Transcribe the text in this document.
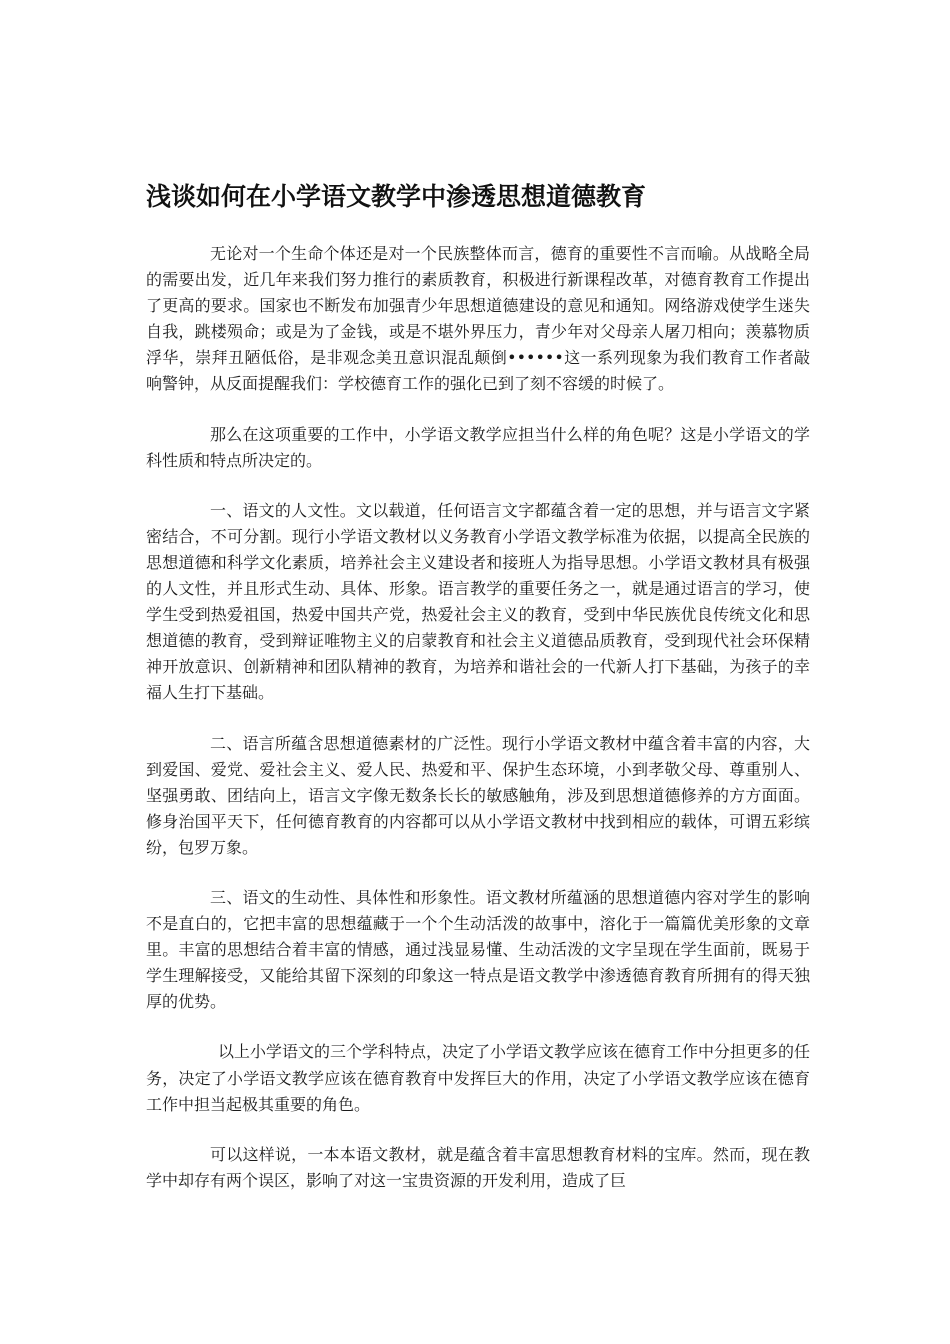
浅谈如何在小学语文教学中渗透思想道德教育

无论对一个生命个体还是对一个民族整体而言，德育的重要性不言而喻。从战略全局的需要出发，近几年来我们努力推行的素质教育，积极进行新课程改革，对德育教育工作提出了更高的要求。国家也不断发布加强青少年思想道德建设的意见和通知。网络游戏使学生迷失自我，跳楼殒命；或是为了金钱，或是不堪外界压力，青少年对父母亲人屠刀相向；羡慕物质浮华，崇拜丑陋低俗，是非观念美丑意识混乱颠倒••••••这一系列现象为我们教育工作者敲响警钟，从反面提醒我们：学校德育工作的强化已到了刻不容缓的时候了。

那么在这项重要的工作中，小学语文教学应担当什么样的角色呢？这是小学语文的学科性质和特点所决定的。

一、语文的人文性。文以载道，任何语言文字都蕴含着一定的思想，并与语言文字紧密结合，不可分割。现行小学语文教材以义务教育小学语文教学标准为依据，以提高全民族的思想道德和科学文化素质，培养社会主义建设者和接班人为指导思想。小学语文教材具有极强的人文性，并且形式生动、具体、形象。语言教学的重要任务之一，就是通过语言的学习，使学生受到热爱祖国，热爱中国共产党，热爱社会主义的教育，受到中华民族优良传统文化和思想道德的教育，受到辩证唯物主义的启蒙教育和社会主义道德品质教育，受到现代社会环保精神开放意识、创新精神和团队精神的教育，为培养和谐社会的一代新人打下基础，为孩子的幸福人生打下基础。

二、语言所蕴含思想道德素材的广泛性。现行小学语文教材中蕴含着丰富的内容，大到爱国、爱党、爱社会主义、爱人民、热爱和平、保护生态环境，小到孝敬父母、尊重别人、坚强勇敢、团结向上，语言文字像无数条长长的敏感触角，涉及到思想道德修养的方方面面。修身治国平天下，任何德育教育的内容都可以从小学语文教材中找到相应的载体，可谓五彩缤纷，包罗万象。

三、语文的生动性、具体性和形象性。语文教材所蕴涵的思想道德内容对学生的影响不是直白的，它把丰富的思想蕴藏于一个个生动活泼的故事中，溶化于一篇篇优美形象的文章里。丰富的思想结合着丰富的情感，通过浅显易懂、生动活泼的文字呈现在学生面前，既易于学生理解接受，又能给其留下深刻的印象这一特点是语文教学中渗透德育教育所拥有的得天独厚的优势。

以上小学语文的三个学科特点，决定了小学语文教学应该在德育工作中分担更多的任务，决定了小学语文教学应该在德育教育中发挥巨大的作用，决定了小学语文教学应该在德育工作中担当起极其重要的角色。

可以这样说，一本本语文教材，就是蕴含着丰富思想教育材料的宝库。然而，现在教学中却存有两个误区，影响了对这一宝贵资源的开发利用，造成了巨
